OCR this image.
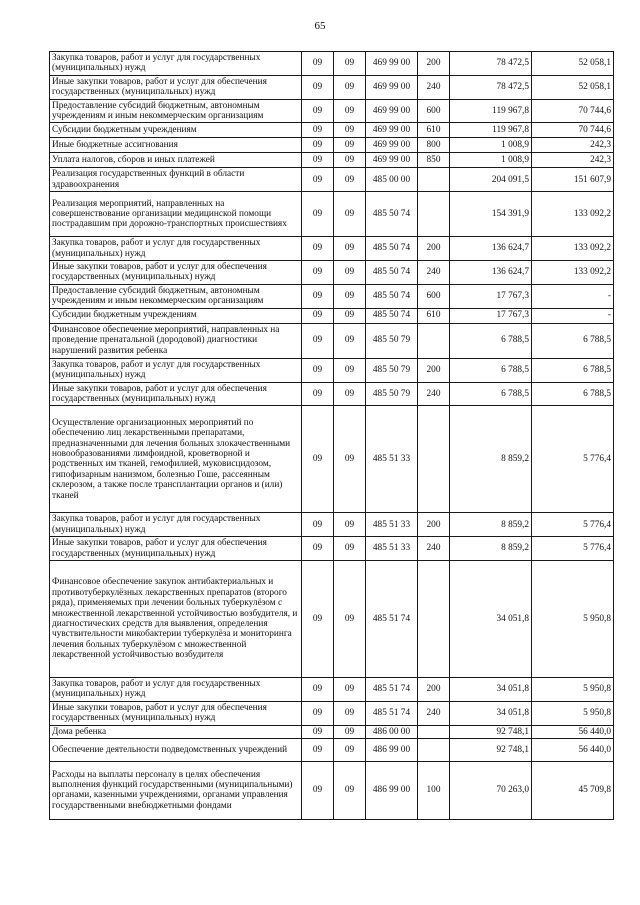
65
Закупка товаров, работ и услуг для государственных (муниципальных) нужд	09	09	469 99 00	200	78 472,5	52 058,1
Иные закупки товаров, работ и услуг для обеспечения государственных (муниципальных) нужд	09	09	469 99 00	240	78 472,5	52 058,1
Предоставление субсидий бюджетным, автономным учреждениям и иным некоммерческим организациям	09	09	469 99 00	600	119 967,8	70 744,6
Субсидии бюджетным учреждениям	09	09	469 99 00	610	119 967,8	70 744,6
Иные бюджетные ассигнования	09	09	469 99 00	800	1 008,9	242,3
Уплата налогов, сборов и иных платежей	09	09	469 99 00	850	1 008,9	242,3
Реализация государственных функций в области здравоохранения	09	09	485 00 00		204 091,5	151 607,9
Реализация мероприятий, направленных на совершенствование организации медицинской помощи пострадавшим при дорожно-транспортных происшествиях	09	09	485 50 74		154 391,9	133 092,2
Закупка товаров, работ и услуг для государственных (муниципальных) нужд	09	09	485 50 74	200	136 624,7	133 092,2
Иные закупки товаров, работ и услуг для обеспечения государственных (муниципальных) нужд	09	09	485 50 74	240	136 624,7	133 092,2
Предоставление субсидий бюджетным, автономным учреждениям и иным некоммерческим организациям	09	09	485 50 74	600	17 767,3	-
Субсидии бюджетным учреждениям	09	09	485 50 74	610	17 767,3	-
Финансовое обеспечение мероприятий, направленных на проведение пренатальной (дородовой) диагностики нарушений развития ребенка	09	09	485 50 79		6 788,5	6 788,5
Закупка товаров, работ и услуг для государственных (муниципальных) нужд	09	09	485 50 79	200	6 788,5	6 788,5
Иные закупки товаров, работ и услуг для обеспечения государственных (муниципальных) нужд	09	09	485 50 79	240	6 788,5	6 788,5
Осуществление организационных мероприятий по обеспечению лиц лекарственными препаратами, предназначенными для лечения больных злокачественными новообразованиями лимфоидной, кроветворной и родственных им тканей, гемофилией, муковисцидозом, гипофизарным нанизмом, болезнью Гоше, рассеянным склерозом, а также после трансплантации органов и (или) тканей	09	09	485 51 33		8 859,2	5 776,4
Закупка товаров, работ и услуг для государственных (муниципальных) нужд	09	09	485 51 33	200	8 859,2	5 776,4
Иные закупки товаров, работ и услуг для обеспечения государственных (муниципальных) нужд	09	09	485 51 33	240	8 859,2	5 776,4
Финансовое обеспечение закупок антибактериальных и противотуберкулёзных лекарственных препаратов (второго ряда), применяемых при лечении больных туберкулёзом с множественной лекарственной устойчивостью возбудителя, и диагностических средств для выявления, определения чувствительности микобактерии туберкулёза и мониторинга лечения больных туберкулёзом с множественной лекарственной устойчивостью возбудителя	09	09	485 51 74		34 051,8	5 950,8
Закупка товаров, работ и услуг для государственных (муниципальных) нужд	09	09	485 51 74	200	34 051,8	5 950,8
Иные закупки товаров, работ и услуг для обеспечения государственных (муниципальных) нужд	09	09	485 51 74	240	34 051,8	5 950,8
Дома ребенка	09	09	486 00 00		92 748,1	56 440,0
Обеспечение деятельности подведомственных учреждений	09	09	486 99 00		92 748,1	56 440,0
Расходы на выплаты персоналу в целях обеспечения выполнения функций государственными (муниципальными) органами, казенными учреждениями, органами управления государственными внебюджетными фондами	09	09	486 99 00	100	70 263,0	45 709,8
